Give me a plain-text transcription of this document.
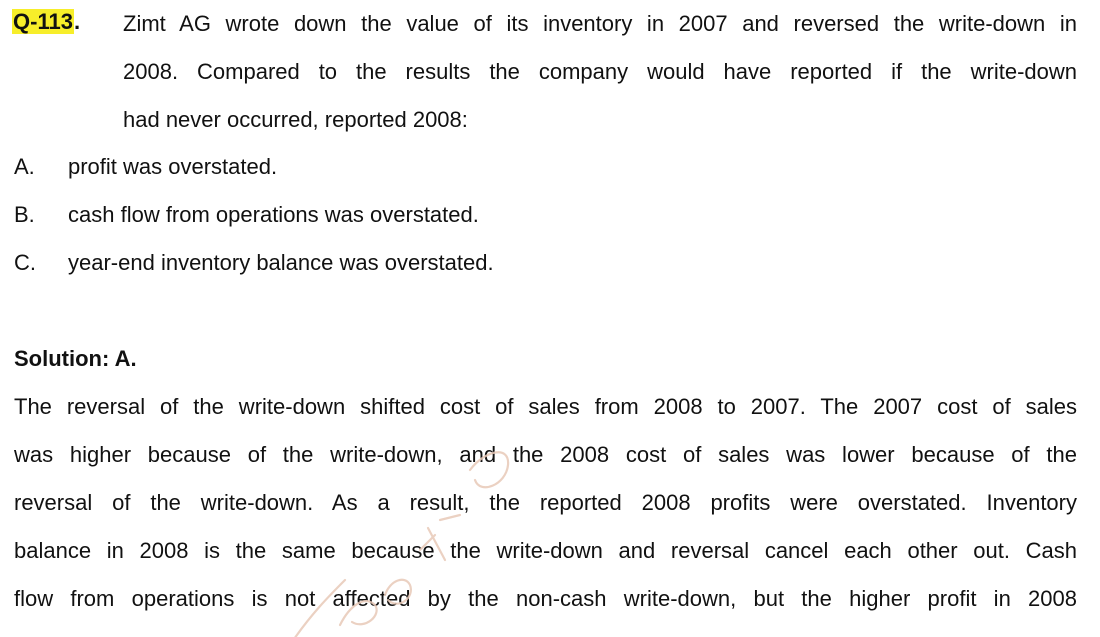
Q-113. Zimt AG wrote down the value of its inventory in 2007 and reversed the write-down in
2008. Compared to the results the company would have reported if the write-down
had never occurred, reported 2008:
A. profit was overstated.
B. cash flow from operations was overstated.
C. year-end inventory balance was overstated.
Solution: A.
The reversal of the write-down shifted cost of sales from 2008 to 2007. The 2007 cost of sales
was higher because of the write-down, and the 2008 cost of sales was lower because of the
reversal of the write-down. As a result, the reported 2008 profits were overstated. Inventory
balance in 2008 is the same because the write-down and reversal cancel each other out. Cash
flow from operations is not affected by the non-cash write-down, but the higher profit in 2008
